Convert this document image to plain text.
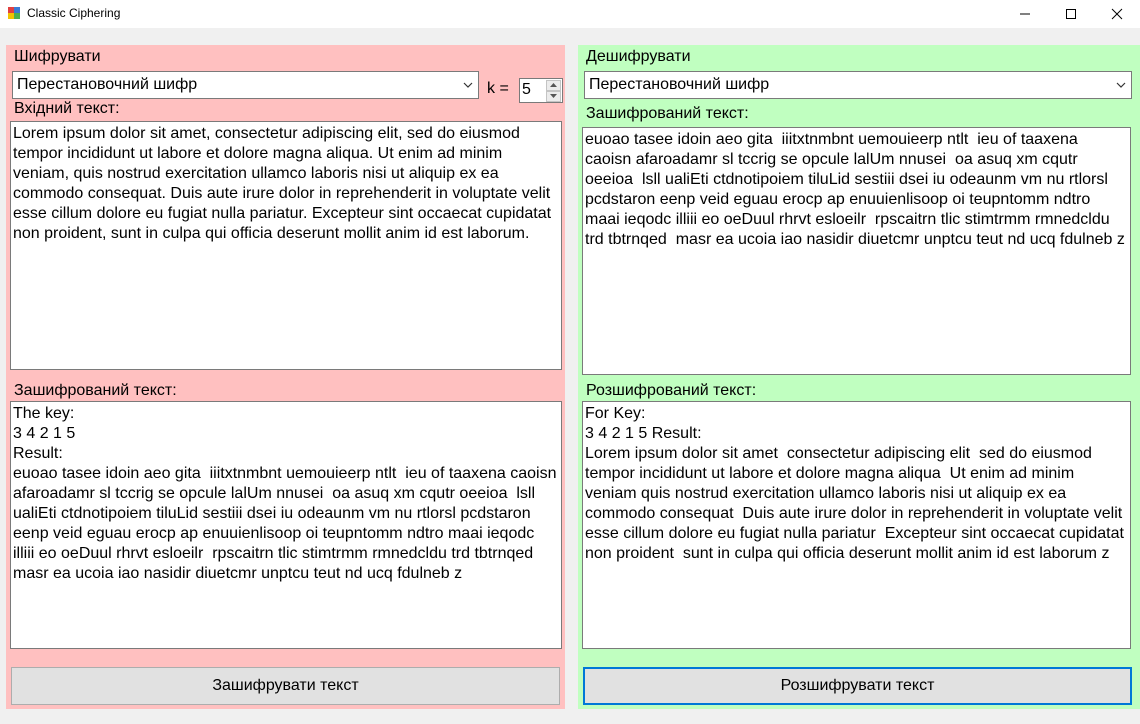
Classic Ciphering
Шифрувати
Перестановочний шифр	k = 5
Вхідний текст:
Lorem ipsum dolor sit amet, consectetur adipiscing elit, sed do eiusmod tempor incididunt ut labore et dolore magna aliqua. Ut enim ad minim veniam, quis nostrud exercitation ullamco laboris nisi ut aliquip ex ea commodo consequat. Duis aute irure dolor in reprehenderit in voluptate velit esse cillum dolore eu fugiat nulla pariatur. Excepteur sint occaecat cupidatat non proident, sunt in culpa qui officia deserunt mollit anim id est laborum.
Зашифрований текст:
The key:
3 4 2 1 5
Result:
euoao tasee idoin aeo gita  iiitxtnmbnt uemouieerp ntlt  ieu of taaxena caoisn afaroadamr sl tccrig se opcule lalUm nnusei  oa asuq xm cqutr oeeioa  lsll ualiEti ctdnotipoiem tiluLid sestiii dsei iu odeaunm vm nu rtlorsl pcdstaron eenp veid eguau erocp ap enuuienlisoop oi teupntomm ndtro maai ieqodc illiii eo oeDuul rhrvt esloeilr  rpscaitrn tlic stimtrmm rmnedcldu trd tbtrnqed  masr ea ucoia iao nasidir diuetcmr unptcu teut nd ucq fdulneb z
Зашифрувати текст
Дешифрувати
Перестановочний шифр
Зашифрований текст:
euoao tasee idoin aeo gita  iiitxtnmbnt uemouieerp ntlt  ieu of taaxena caoisn afaroadamr sl tccrig se opcule lalUm nnusei  oa asuq xm cqutr oeeioa  lsll ualiEti ctdnotipoiem tiluLid sestiii dsei iu odeaunm vm nu rtlorsl pcdstaron eenp veid eguau erocp ap enuuienlisoop oi teupntomm ndtro maai ieqodc illiii eo oeDuul rhrvt esloeilr  rpscaitrn tlic stimtrmm rmnedcldu trd tbtrnqed  masr ea ucoia iao nasidir diuetcmr unptcu teut nd ucq fdulneb z
Розшифрований текст:
For Key:
3 4 2 1 5 Result:
Lorem ipsum dolor sit amet  consectetur adipiscing elit  sed do eiusmod tempor incididunt ut labore et dolore magna aliqua  Ut enim ad minim veniam quis nostrud exercitation ullamco laboris nisi ut aliquip ex ea commodo consequat  Duis aute irure dolor in reprehenderit in voluptate velit esse cillum dolore eu fugiat nulla pariatur  Excepteur sint occaecat cupidatat non proident  sunt in culpa qui officia deserunt mollit anim id est laborum z
Розшифрувати текст
